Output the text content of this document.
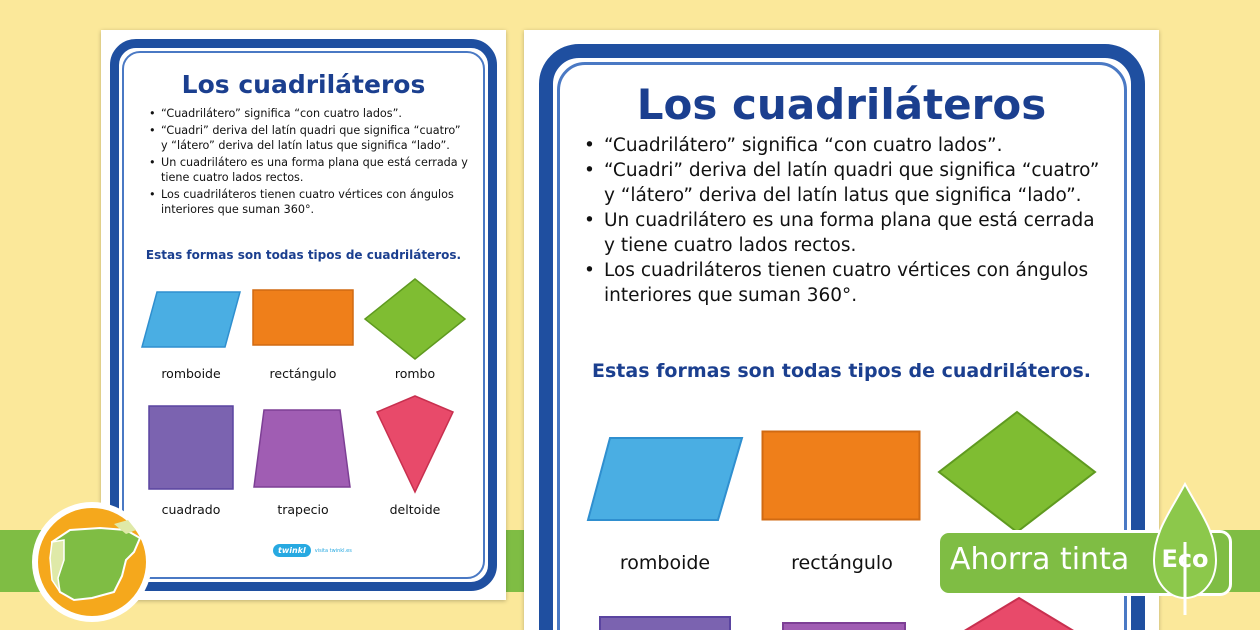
Los cuadriláteros
• “Cuadrilátero” significa “con cuatro lados”.
• “Cuadri” deriva del latín quadri que significa “cuatro” y “látero” deriva del latín latus que significa “lado”.
• Un cuadrilátero es una forma plana que está cerrada y tiene cuatro lados rectos.
• Los cuadriláteros tienen cuatro vértices con ángulos interiores que suman 360°.
Estas formas son todas tipos de cuadriláteros.
romboide	rectángulo	rombo
cuadrado	trapecio	deltoide
twinkl	visita twinkl.es
Los cuadriláteros
• “Cuadrilátero” significa “con cuatro lados”.
• “Cuadri” deriva del latín quadri que significa “cuatro” y “látero” deriva del latín latus que significa “lado”.
• Un cuadrilátero es una forma plana que está cerrada y tiene cuatro lados rectos.
• Los cuadriláteros tienen cuatro vértices con ángulos interiores que suman 360°.
Estas formas son todas tipos de cuadriláteros.
romboide	rectángulo	Ahorra tinta Eco
